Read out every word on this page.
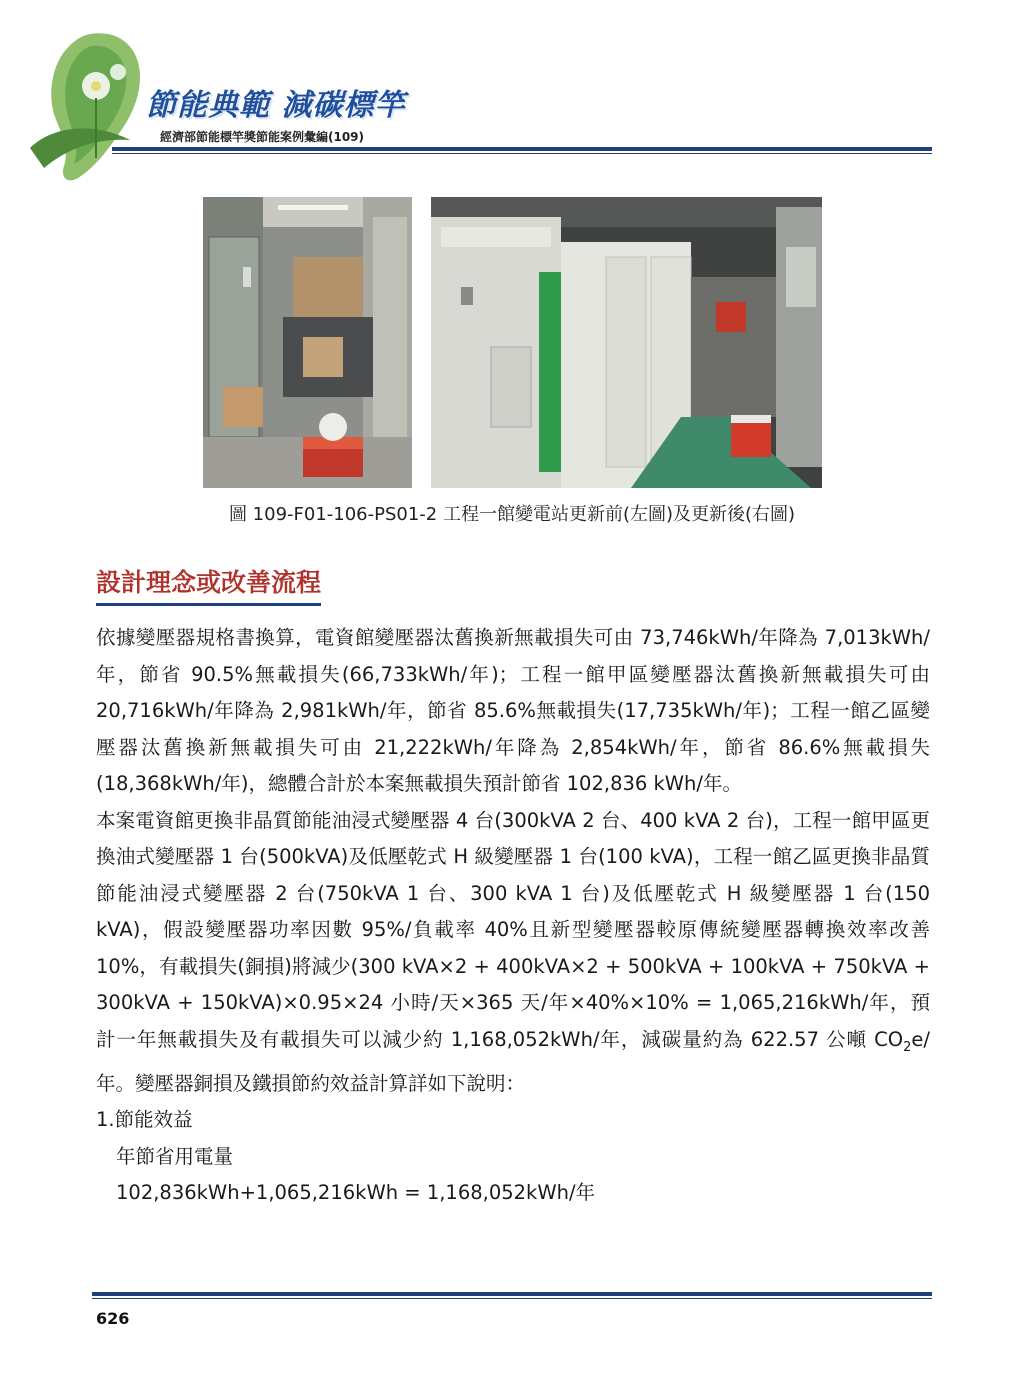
節能典範 減碳標竿
經濟部節能標竿獎節能案例彙編(109)
圖 109-F01-106-PS01-2 工程一館變電站更新前(左圖)及更新後(右圖)
設計理念或改善流程

依據變壓器規格書換算，電資館變壓器汰舊換新無載損失可由 73,746kWh/年降為 7,013kWh/年，節省 90.5%無載損失(66,733kWh/年)；工程一館甲區變壓器汰舊換新無載損失可由 20,716kWh/年降為 2,981kWh/年，節省 85.6%無載損失(17,735kWh/年)；工程一館乙區變壓器汰舊換新無載損失可由 21,222kWh/年降為 2,854kWh/年，節省 86.6%無載損失(18,368kWh/年)，總體合計於本案無載損失預計節省 102,836 kWh/年。

本案電資館更換非晶質節能油浸式變壓器 4 台(300kVA 2 台、400 kVA 2 台)，工程一館甲區更換油式變壓器 1 台(500kVA)及低壓乾式 H 級變壓器 1 台(100 kVA)，工程一館乙區更換非晶質節能油浸式變壓器 2 台(750kVA 1 台、300 kVA 1 台)及低壓乾式 H 級變壓器 1 台(150 kVA)，假設變壓器功率因數 95%/負載率 40%且新型變壓器較原傳統變壓器轉換效率改善 10%，有載損失(銅損)將減少(300 kVA×2 + 400kVA×2 + 500kVA + 100kVA + 750kVA + 300kVA + 150kVA)×0.95×24 小時/天×365 天/年×40%×10% = 1,065,216kWh/年，預計一年無載損失及有載損失可以減少約 1,168,052kWh/年，減碳量約為 622.57 公噸 $CO_2e/$年。變壓器銅損及鐵損節約效益計算詳如下說明：

1.節能效益

年節省用電量

102,836kWh+1,065,216kWh = 1,168,052kWh/年

626
